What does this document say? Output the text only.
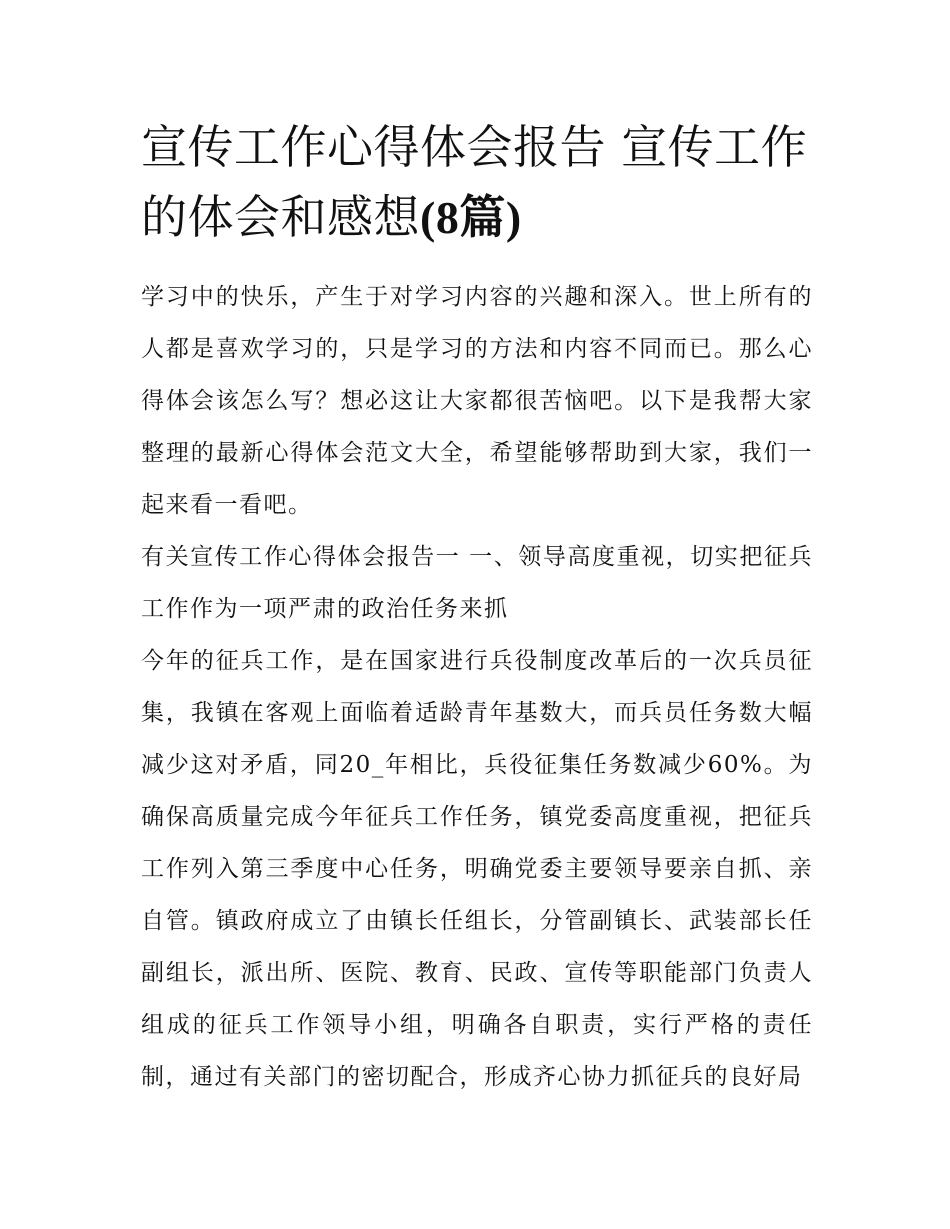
宣传工作心得体会报告 宣传工作的体会和感想(8篇)

学习中的快乐，产生于对学习内容的兴趣和深入。世上所有的人都是喜欢学习的，只是学习的方法和内容不同而已。那么心得体会该怎么写？想必这让大家都很苦恼吧。以下是我帮大家整理的最新心得体会范文大全，希望能够帮助到大家，我们一起来看一看吧。

有关宣传工作心得体会报告一 一、领导高度重视，切实把征兵工作作为一项严肃的政治任务来抓

今年的征兵工作，是在国家进行兵役制度改革后的一次兵员征集，我镇在客观上面临着适龄青年基数大，而兵员任务数大幅减少这对矛盾，同20_年相比，兵役征集任务数减少60%。为确保高质量完成今年征兵工作任务，镇党委高度重视，把征兵工作列入第三季度中心任务，明确党委主要领导要亲自抓、亲自管。镇政府成立了由镇长任组长，分管副镇长、武装部长任副组长，派出所、医院、教育、民政、宣传等职能部门负责人组成的征兵工作领导小组，明确各自职责，实行严格的责任制，通过有关部门的密切配合，形成齐心协力抓征兵的良好局
